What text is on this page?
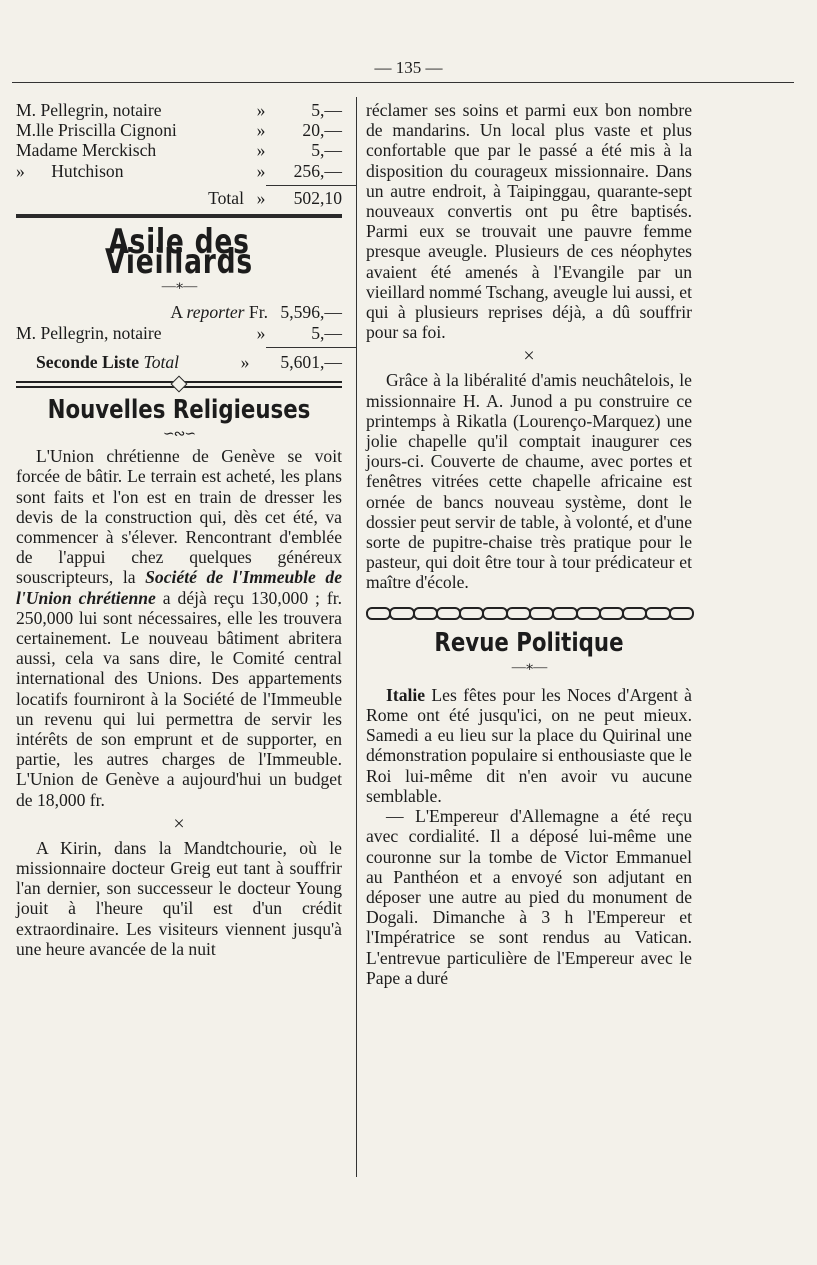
— 135 —
M. Pellegrin, notaire	»	5,—
M.lle Priscilla Cignoni	»	20,—
Madame Merckisch	»	5,—
»      Hutchison	»	256,—
Total »	502,10
Asile des Vieillards
—∗—
A reporter Fr. 5,596,—
M. Pellegrin, notaire	»	5,—
Seconde Liste Total	»	5,601,—
Nouvelles Religieuses
∽∾∽

L'Union chrétienne de Genève se voit forcée de bâtir. Le terrain est acheté, les plans sont faits et l'on est en train de dresser les devis de la construction qui, dès cet été, va commencer à s'élever. Rencontrant d'emblée de l'appui chez quelques généreux souscripteurs, la Société de l'Immeuble de l'Union chrétienne a déjà reçu 130,000 ; fr. 250,000 lui sont nécessaires, elle les trouvera certainement. Le nouveau bâtiment abritera aussi, cela va sans dire, le Comité central international des Unions. Des appartements locatifs fourniront à la Société de l'Immeuble un revenu qui lui permettra de servir les intérêts de son emprunt et de supporter, en partie, les autres charges de l'Immeuble. L'Union de Genève a aujourd'hui un budget de 18,000 fr.

×

A Kirin, dans la Mandtchourie, où le missionnaire docteur Greig eut tant à souffrir l'an dernier, son successeur le docteur Young jouit à l'heure qu'il est d'un crédit extraordinaire. Les visiteurs viennent jusqu'à une heure avancée de la nuit

réclamer ses soins et parmi eux bon nombre de mandarins. Un local plus vaste et plus confortable que par le passé a été mis à la disposition du courageux missionnaire. Dans un autre endroit, à Taipinggau, quarante-sept nouveaux convertis ont pu être baptisés. Parmi eux se trouvait une pauvre femme presque aveugle. Plusieurs de ces néophytes avaient été amenés à l'Evangile par un vieillard nommé Tschang, aveugle lui aussi, et qui à plusieurs reprises déjà, a dû souffrir pour sa foi.

×

Grâce à la libéralité d'amis neuchâtelois, le missionnaire H. A. Junod a pu construire ce printemps à Rikatla (Lourenço-Marquez) une jolie chapelle qu'il comptait inaugurer ces jours-ci. Couverte de chaume, avec portes et fenêtres vitrées cette chapelle africaine est ornée de bancs nouveau système, dont le dossier peut servir de table, à volonté, et d'une sorte de pupitre-chaise très pratique pour le pasteur, qui doit être tour à tour prédicateur et maître d'école.

Revue Politique
—∗—

Italie Les fêtes pour les Noces d'Argent à Rome ont été jusqu'ici, on ne peut mieux. Samedi a eu lieu sur la place du Quirinal une démonstration populaire si enthousiaste que le Roi lui-même dit n'en avoir vu aucune semblable.

— L'Empereur d'Allemagne a été reçu avec cordialité. Il a déposé lui-même une couronne sur la tombe de Victor Emmanuel au Panthéon et a envoyé son adjutant en déposer une autre au pied du monument de Dogali. Dimanche à 3 h l'Empereur et l'Impératrice se sont rendus au Vatican. L'entrevue particulière de l'Empereur avec le Pape a duré
